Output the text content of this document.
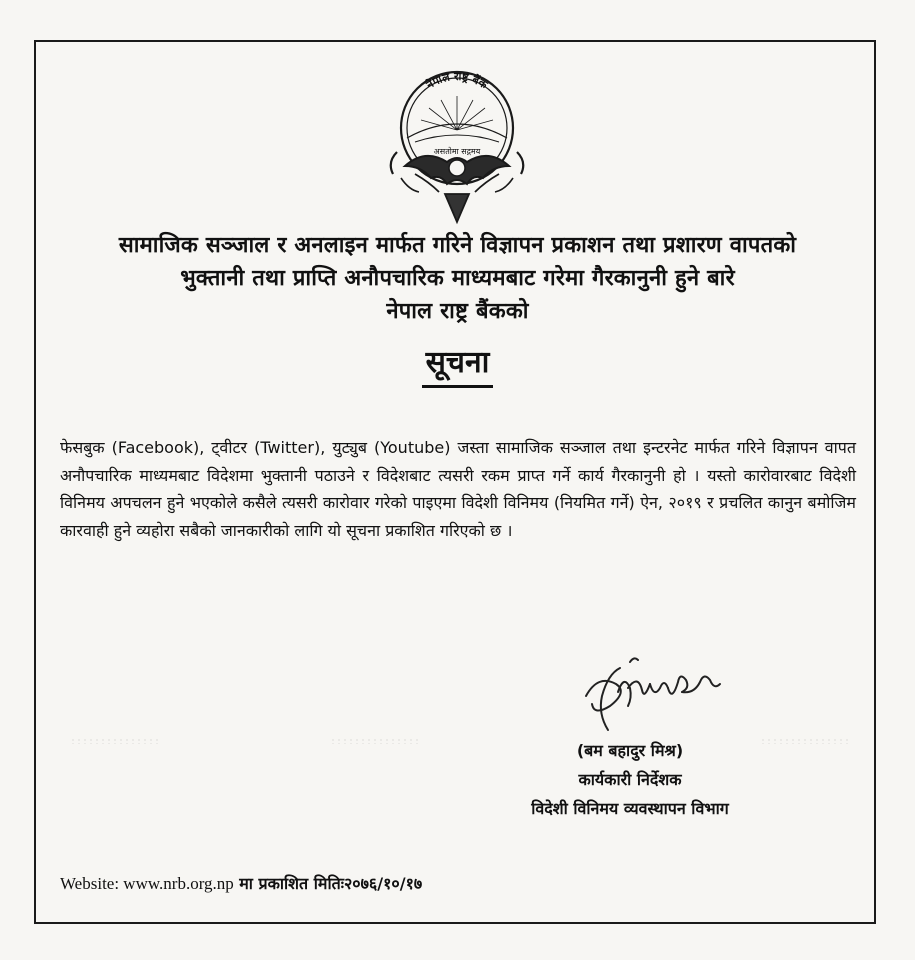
नेपाल राष्ट्र बैंक
असतोमा सद्गमय
सामाजिक सञ्जाल र अनलाइन मार्फत गरिने विज्ञापन प्रकाशन तथा प्रशारण वापतको
भुक्तानी तथा प्राप्ति अनौपचारिक माध्यमबाट गरेमा गैरकानुनी हुने बारे
नेपाल राष्ट्र बैंकको
सूचना
फेसबुक (Facebook), ट्वीटर (Twitter), युट्युब (Youtube) जस्ता सामाजिक सञ्जाल तथा इन्टरनेट मार्फत गरिने विज्ञापन वापत अनौपचारिक माध्यमबाट विदेशमा भुक्तानी पठाउने र विदेशबाट त्यसरी रकम प्राप्त गर्ने कार्य गैरकानुनी हो । यस्तो कारोवारबाट विदेशी विनिमय अपचलन हुने भएकोले कसैले त्यसरी कारोवार गरेको पाइएमा विदेशी विनिमय (नियमित गर्ने) ऐन, २०१९ र प्रचलित कानुन बमोजिम कारवाही हुने व्यहोरा सबैको जानकारीको लागि यो सूचना प्रकाशित गरिएको छ ।
(बम बहादुर मिश्र)
कार्यकारी निर्देशक
विदेशी विनिमय व्यवस्थापन विभाग
Website: www.nrb.org.np मा प्रकाशित मितिः२०७६/१०/१७
